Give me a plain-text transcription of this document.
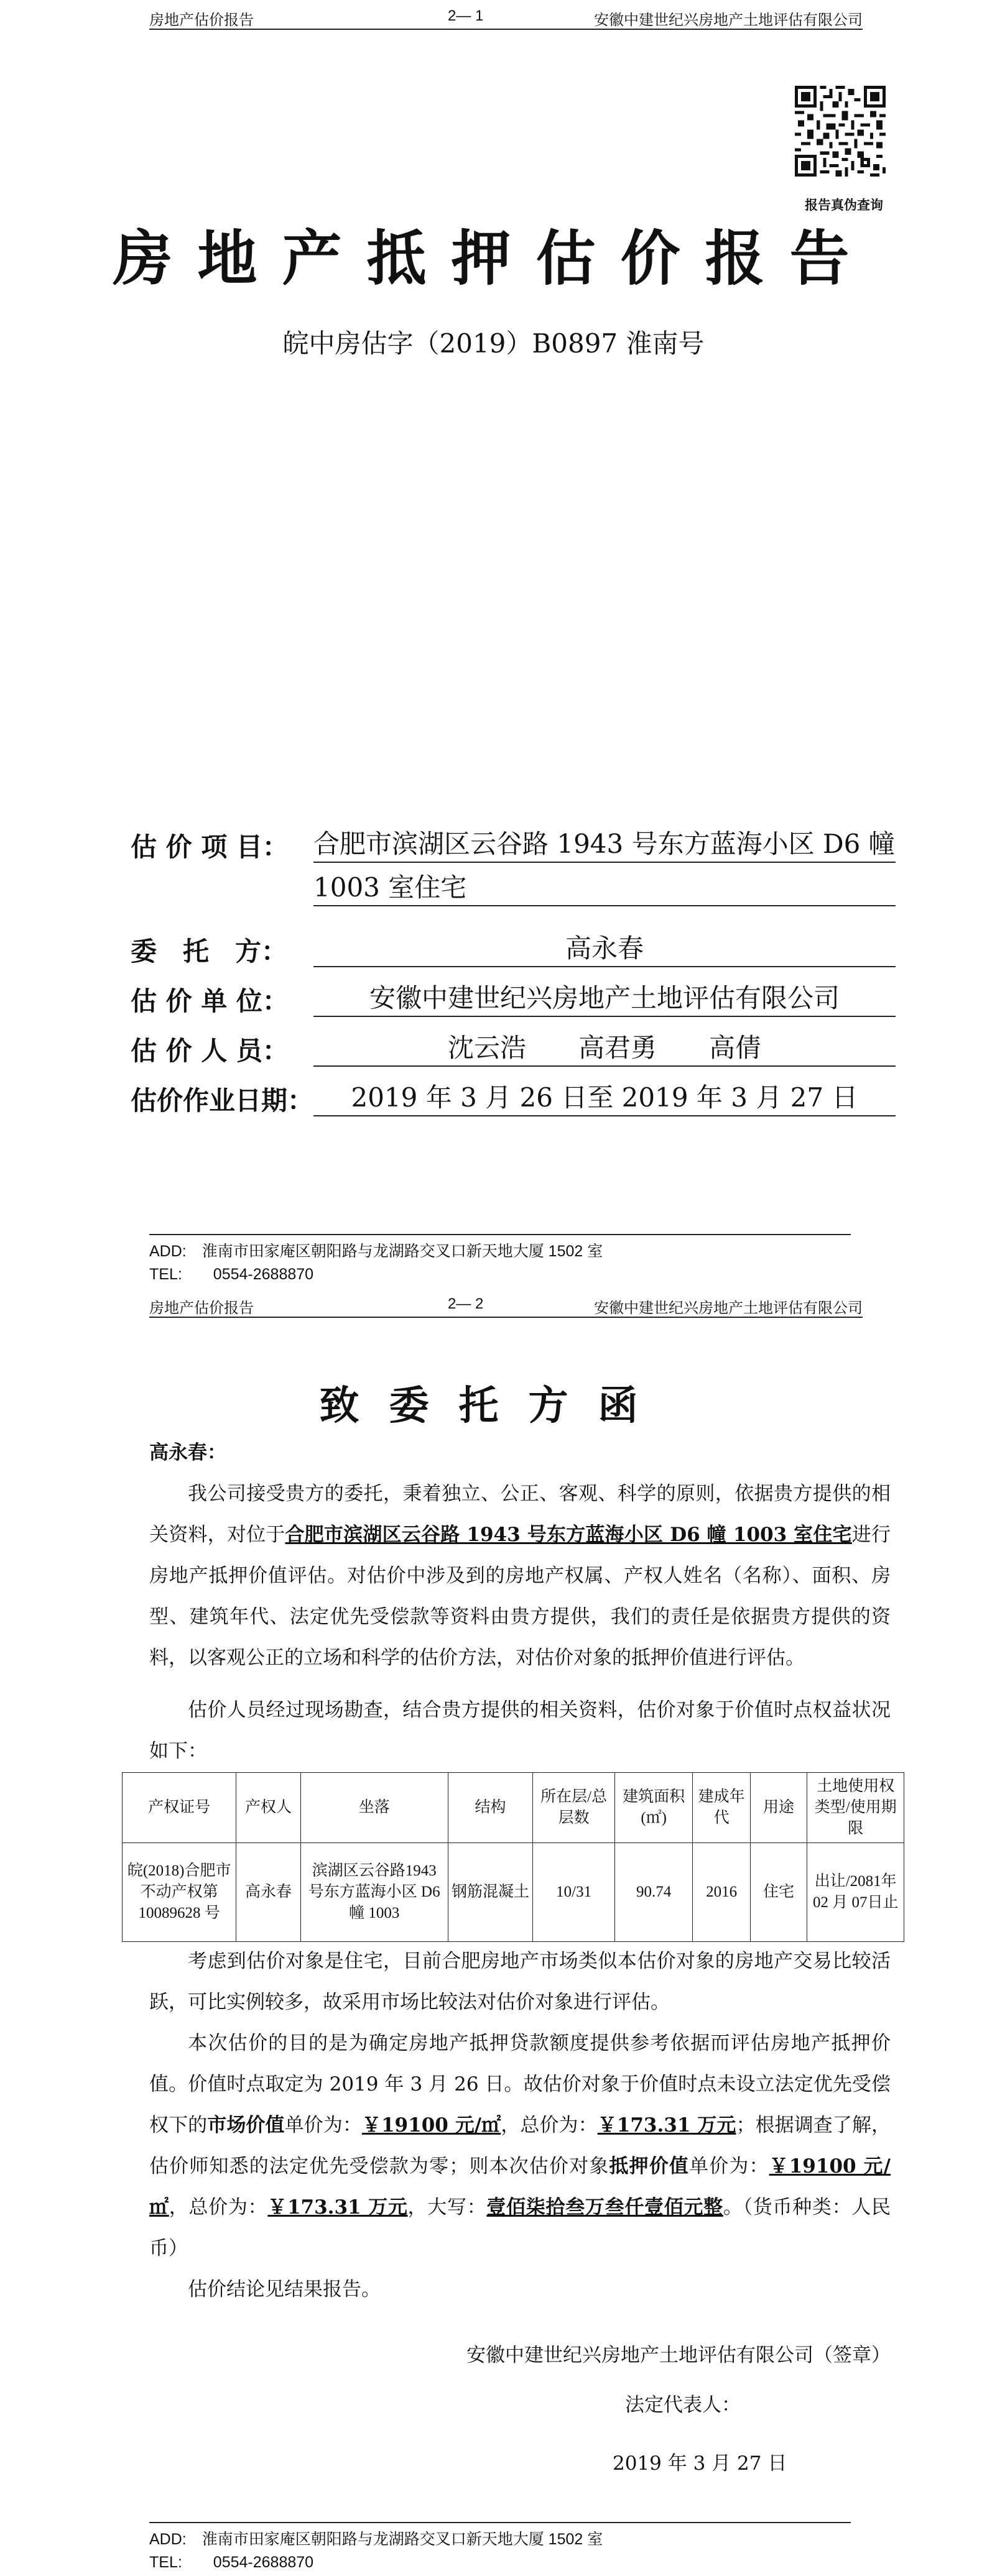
房地产估价报告	2— 1	安徽中建世纪兴房地产土地评估有限公司
报告真伪查询
房地产抵押估价报告
皖中房估字（2019）B0897 淮南号
估 价 项 目： 合肥市滨湖区云谷路 1943 号东方蓝海小区 D6 幢
1003 室住宅
委　托　方：	高永春
估 价 单 位：	安徽中建世纪兴房地产土地评估有限公司
估 价 人 员：	沈云浩　　高君勇　　高倩
估价作业日期：	2019 年 3 月 26 日至 2019 年 3 月 27 日
ADD:　淮南市田家庵区朝阳路与龙湖路交叉口新天地大厦 1502 室
TEL:　　0554-2688870
房地产估价报告	2— 2	安徽中建世纪兴房地产土地评估有限公司
致委托方函
高永春：
我公司接受贵方的委托，秉着独立、公正、客观、科学的原则，依据贵方提供的相关资料，对位于合肥市滨湖区云谷路 1943 号东方蓝海小区 D6 幢 1003 室住宅进行房地产抵押价值评估。对估价中涉及到的房地产权属、产权人姓名（名称）、面积、房型、建筑年代、法定优先受偿款等资料由贵方提供，我们的责任是依据贵方提供的资料，以客观公正的立场和科学的估价方法，对估价对象的抵押价值进行评估。
估价人员经过现场勘查，结合贵方提供的相关资料，估价对象于价值时点权益状况如下：
产权证号	产权人	坐落	结构	所在层/总层数	建筑面积(㎡)	建成年代	用途	土地使用权类型/使用期限
皖(2018)合肥市不动产权第10089628 号	高永春	滨湖区云谷路1943 号东方蓝海小区 D6 幢 1003	钢筋混凝土	10/31	90.74	2016	住宅	出让/2081年 02 月 07日止
考虑到估价对象是住宅，目前合肥房地产市场类似本估价对象的房地产交易比较活跃，可比实例较多，故采用市场比较法对估价对象进行评估。
本次估价的目的是为确定房地产抵押贷款额度提供参考依据而评估房地产抵押价值。价值时点取定为 2019 年 3 月 26 日。故估价对象于价值时点未设立法定优先受偿权下的市场价值单价为：￥19100 元/㎡，总价为：￥173.31 万元；根据调查了解，估价师知悉的法定优先受偿款为零；则本次估价对象抵押价值单价为：￥19100 元/㎡，总价为：￥173.31 万元，大写：壹佰柒拾叁万叁仟壹佰元整。（货币种类：人民币）
估价结论见结果报告。
安徽中建世纪兴房地产土地评估有限公司（签章）
法定代表人：
2019 年 3 月 27 日
ADD:　淮南市田家庵区朝阳路与龙湖路交叉口新天地大厦 1502 室
TEL:　　0554-2688870
